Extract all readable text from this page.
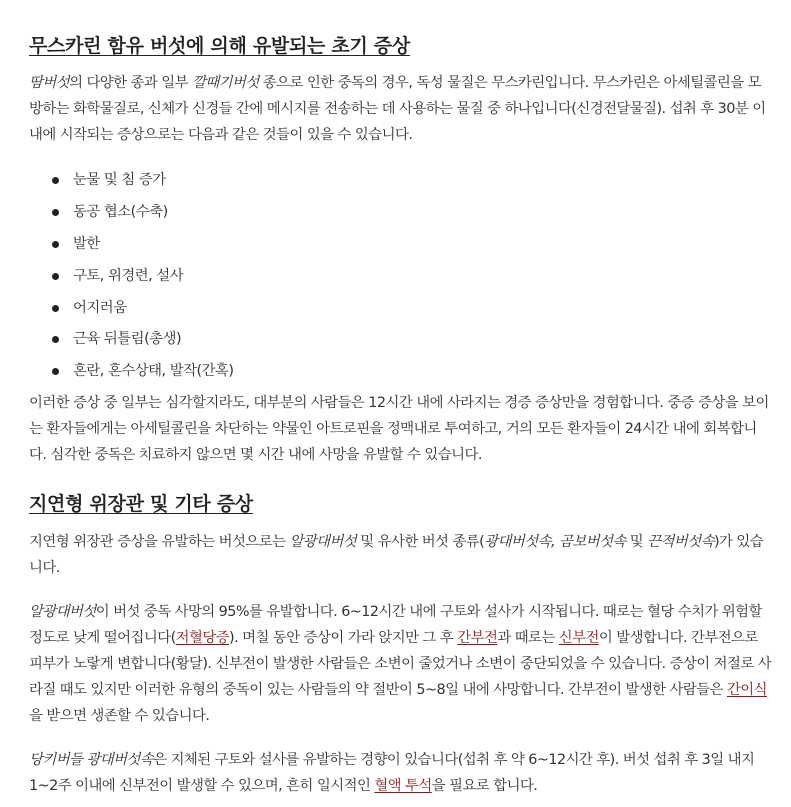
무스카린 함유 버섯에 의해 유발되는 초기 증상

땀버섯의 다양한 종과 일부 깔때기버섯 종으로 인한 중독의 경우, 독성 물질은 무스카린입니다. 무스카린은 아세틸콜린을 모방하는 화학물질로, 신체가 신경들 간에 메시지를 전송하는 데 사용하는 물질 중 하나입니다(신경전달물질). 섭취 후 30분 이내에 시작되는 증상으로는 다음과 같은 것들이 있을 수 있습니다.

눈물 및 침 증가
동공 협소(수축)
발한
구토, 위경련, 설사
어지러움
근육 뒤틀림(총생)
혼란, 혼수상태, 발작(간혹)

이러한 증상 중 일부는 심각할지라도, 대부분의 사람들은 12시간 내에 사라지는 경증 증상만을 경험합니다. 중증 증상을 보이는 환자들에게는 아세틸콜린을 차단하는 약물인 아트로핀을 정맥내로 투여하고, 거의 모든 환자들이 24시간 내에 회복합니다. 심각한 중독은 치료하지 않으면 몇 시간 내에 사망을 유발할 수 있습니다.

지연형 위장관 및 기타 증상

지연형 위장관 증상을 유발하는 버섯으로는 알광대버섯 및 유사한 버섯 종류(광대버섯속, 곰보버섯속 및 끈적버섯속)가 있습니다.

알광대버섯이 버섯 중독 사망의 95%를 유발합니다. 6~12시간 내에 구토와 설사가 시작됩니다. 때로는 혈당 수치가 위험할 정도로 낮게 떨어집니다(저혈당증). 며칠 동안 증상이 가라 앉지만 그 후 간부전과 때로는 신부전이 발생합니다. 간부전으로 피부가 노랗게 변합니다(황달). 신부전이 발생한 사람들은 소변이 줄었거나 소변이 중단되었을 수 있습니다. 증상이 저절로 사라질 때도 있지만 이러한 유형의 중독이 있는 사람들의 약 절반이 5~8일 내에 사망합니다. 간부전이 발생한 사람들은 간이식을 받으면 생존할 수 있습니다.

당키버들 광대버섯속은 지체된 구토와 설사를 유발하는 경향이 있습니다(섭취 후 약 6~12시간 후). 버섯 섭취 후 3일 내지 1~2주 이내에 신부전이 발생할 수 있으며, 흔히 일시적인 혈액 투석을 필요로 합니다.
